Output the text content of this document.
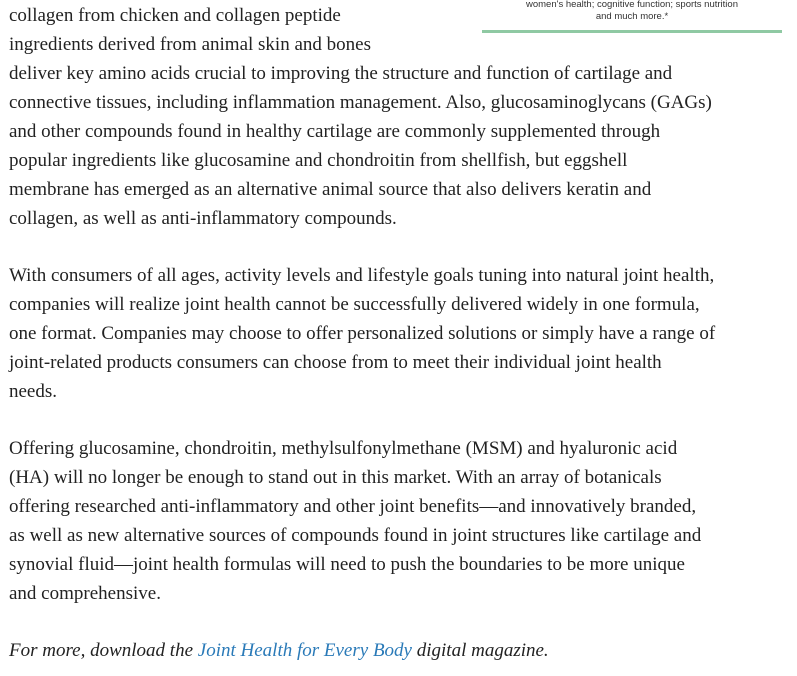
women's health; cognitive function; sports nutrition
and much more.*
collagen from chicken and collagen peptide
ingredients derived from animal skin and bones
deliver key amino acids crucial to improving the structure and function of cartilage and
connective tissues, including inflammation management. Also, glucosaminoglycans (GAGs)
and other compounds found in healthy cartilage are commonly supplemented through
popular ingredients like glucosamine and chondroitin from shellfish, but eggshell
membrane has emerged as an alternative animal source that also delivers keratin and
collagen, as well as anti-inflammatory compounds.
With consumers of all ages, activity levels and lifestyle goals tuning into natural joint health,
companies will realize joint health cannot be successfully delivered widely in one formula,
one format. Companies may choose to offer personalized solutions or simply have a range of
joint-related products consumers can choose from to meet their individual joint health
needs.
Offering glucosamine, chondroitin, methylsulfonylmethane (MSM) and hyaluronic acid
(HA) will no longer be enough to stand out in this market. With an array of botanicals
offering researched anti-inflammatory and other joint benefits—and innovatively branded,
as well as new alternative sources of compounds found in joint structures like cartilage and
synovial fluid—joint health formulas will need to push the boundaries to be more unique
and comprehensive.
For more, download the Joint Health for Every Body digital magazine.
